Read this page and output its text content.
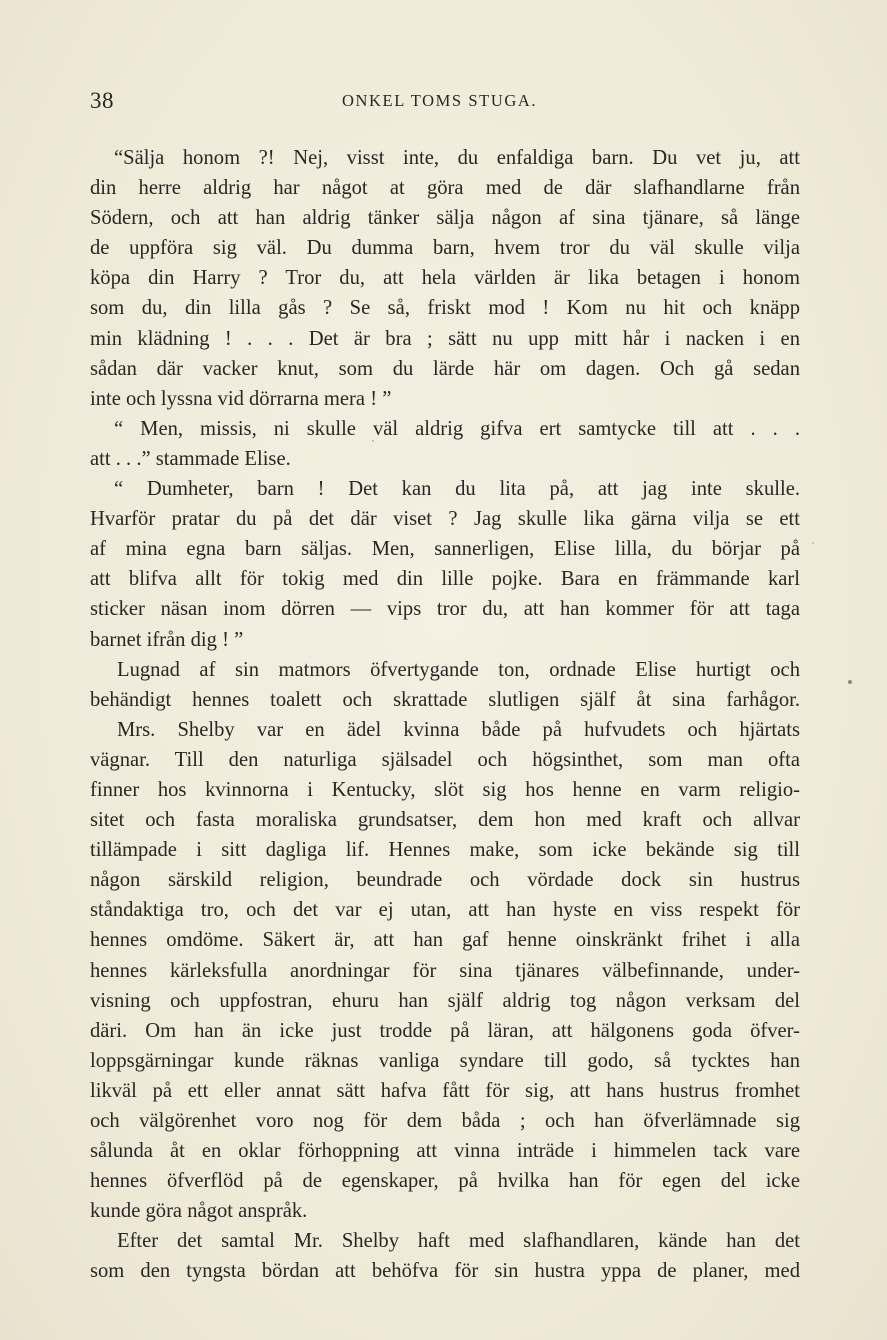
38	ONKEL TOMS STUGA.
“Sälja honom ?! Nej, visst inte, du enfaldiga barn. Du vet ju, att
din herre aldrig har något at göra med de där slafhandlarne från
Södern, och att han aldrig tänker sälja någon af sina tjänare, så länge
de uppföra sig väl. Du dumma barn, hvem tror du väl skulle vilja
köpa din Harry ? Tror du, att hela världen är lika betagen i honom
som du, din lilla gås ? Se så, friskt mod ! Kom nu hit och knäpp
min klädning ! . . . Det är bra ; sätt nu upp mitt hår i nacken i en
sådan där vacker knut, som du lärde här om dagen. Och gå sedan
inte och lyssna vid dörrarna mera ! ”
“ Men, missis, ni skulle väl aldrig gifva ert samtycke till att . . .
att . . .” stammade Elise.
“ Dumheter, barn ! Det kan du lita på, att jag inte skulle.
Hvarför pratar du på det där viset ? Jag skulle lika gärna vilja se ett
af mina egna barn säljas. Men, sannerligen, Elise lilla, du börjar på
att blifva allt för tokig med din lille pojke. Bara en främmande karl
sticker näsan inom dörren — vips tror du, att han kommer för att taga
barnet ifrån dig ! ”
Lugnad af sin matmors öfvertygande ton, ordnade Elise hurtigt och
behändigt hennes toalett och skrattade slutligen själf åt sina farhågor.
Mrs. Shelby var en ädel kvinna både på hufvudets och hjärtats
vägnar. Till den naturliga själsadel och högsinthet, som man ofta
finner hos kvinnorna i Kentucky, slöt sig hos henne en varm religio-
sitet och fasta moraliska grundsatser, dem hon med kraft och allvar
tillämpade i sitt dagliga lif. Hennes make, som icke bekände sig till
någon särskild religion, beundrade och vördade dock sin hustrus
ståndaktiga tro, och det var ej utan, att han hyste en viss respekt för
hennes omdöme. Säkert är, att han gaf henne oinskränkt frihet i alla
hennes kärleksfulla anordningar för sina tjänares välbefinnande, under-
visning och uppfostran, ehuru han själf aldrig tog någon verksam del
däri. Om han än icke just trodde på läran, att hälgonens goda öfver-
loppsgärningar kunde räknas vanliga syndare till godo, så tycktes han
likväl på ett eller annat sätt hafva fått för sig, att hans hustrus fromhet
och välgörenhet voro nog för dem båda ; och han öfverlämnade sig
sålunda åt en oklar förhoppning att vinna inträde i himmelen tack vare
hennes öfverflöd på de egenskaper, på hvilka han för egen del icke
kunde göra något anspråk.
Efter det samtal Mr. Shelby haft med slafhandlaren, kände han det
som den tyngsta bördan att behöfva för sin hustra yppa de planer, med
